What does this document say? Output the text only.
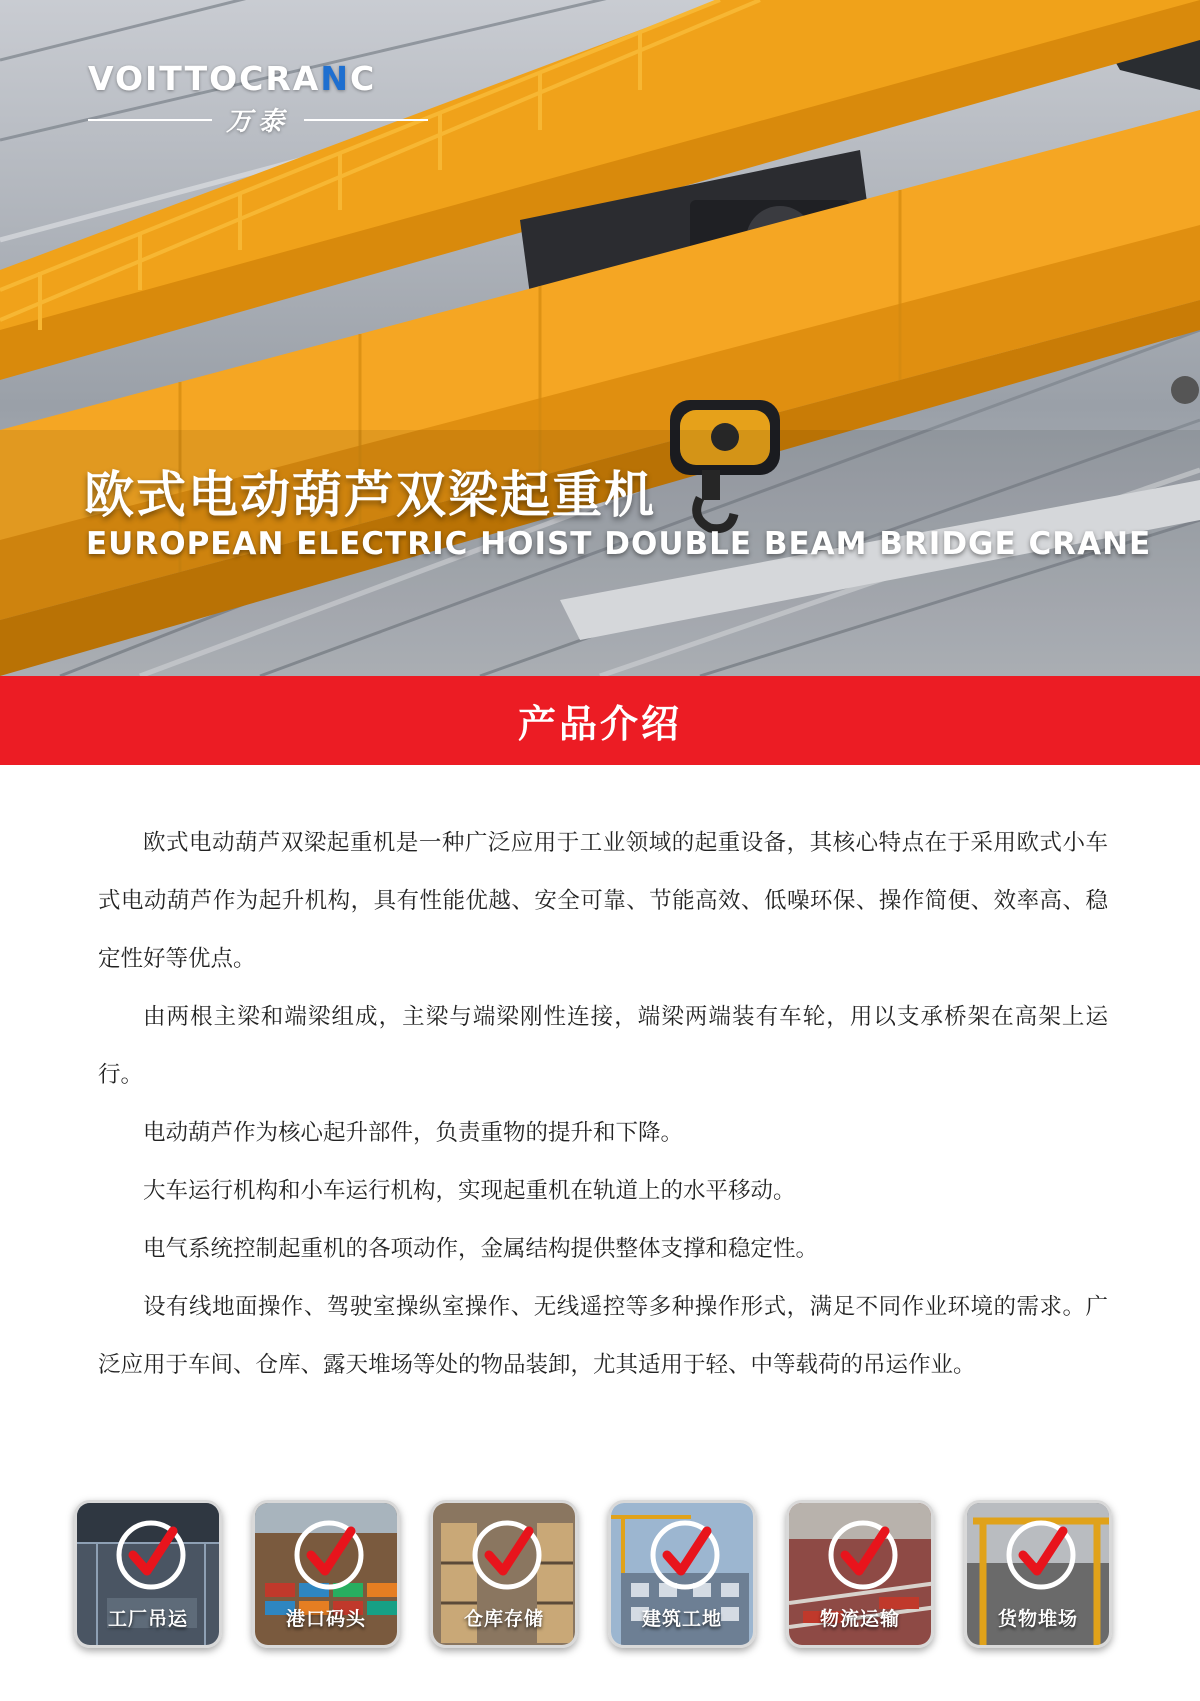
VOITTOCRANC
万泰
欧式电动葫芦双梁起重机
EUROPEAN ELECTRIC HOIST DOUBLE BEAM BRIDGE CRANE
产品介绍

欧式电动葫芦双梁起重机是一种广泛应用于工业领域的起重设备，其核心特点在于采用欧式小车式电动葫芦作为起升机构，具有性能优越、安全可靠、节能高效、低噪环保、操作简便、效率高、稳定性好等优点。

由两根主梁和端梁组成，主梁与端梁刚性连接，端梁两端装有车轮，用以支承桥架在高架上运行。

电动葫芦作为核心起升部件，负责重物的提升和下降。

大车运行机构和小车运行机构，实现起重机在轨道上的水平移动。

电气系统控制起重机的各项动作，金属结构提供整体支撑和稳定性。

设有线地面操作、驾驶室操纵室操作、无线遥控等多种操作形式，满足不同作业环境的需求。广泛应用于车间、仓库、露天堆场等处的物品装卸，尤其适用于轻、中等载荷的吊运作业。

工厂吊运	港口码头	仓库存储	建筑工地	物流运输	货物堆场
